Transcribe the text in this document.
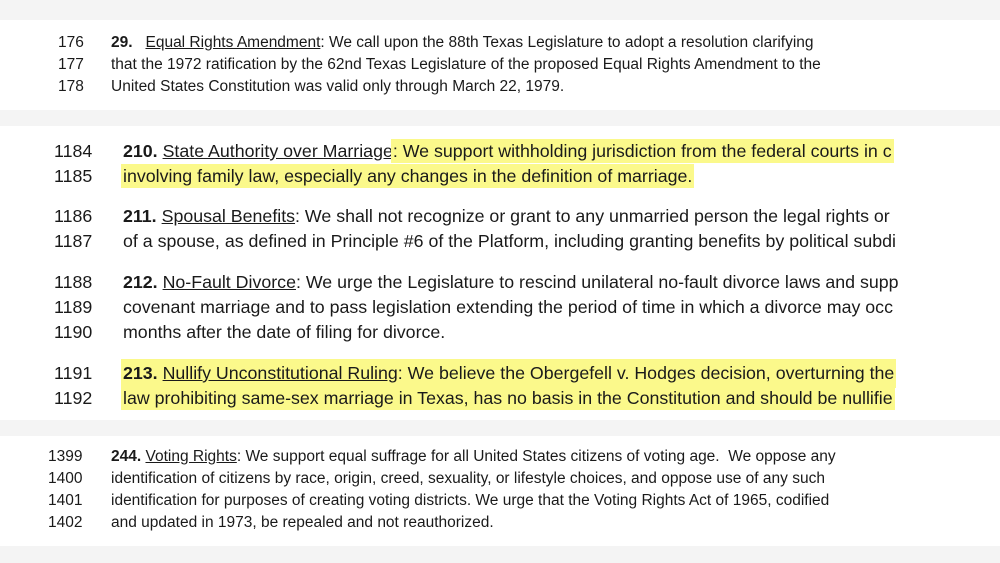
176 29. Equal Rights Amendment: We call upon the 88th Texas Legislature to adopt a resolution clarifying
177 that the 1972 ratification by the 62nd Texas Legislature of the proposed Equal Rights Amendment to the
178 United States Constitution was valid only through March 22, 1979.
1184 210. State Authority over Marriage: We support withholding jurisdiction from the federal courts in c
1185 involving family law, especially any changes in the definition of marriage.
1186 211. Spousal Benefits: We shall not recognize or grant to any unmarried person the legal rights or
1187 of a spouse, as defined in Principle #6 of the Platform, including granting benefits by political subdi
1188 212. No-Fault Divorce: We urge the Legislature to rescind unilateral no-fault divorce laws and supp
1189 covenant marriage and to pass legislation extending the period of time in which a divorce may occ
1190 months after the date of filing for divorce.
1191 213. Nullify Unconstitutional Ruling: We believe the Obergefell v. Hodges decision, overturning the
1192 law prohibiting same-sex marriage in Texas, has no basis in the Constitution and should be nullifie
1399 244. Voting Rights: We support equal suffrage for all United States citizens of voting age.  We oppose any
1400 identification of citizens by race, origin, creed, sexuality, or lifestyle choices, and oppose use of any such
1401 identification for purposes of creating voting districts. We urge that the Voting Rights Act of 1965, codified
1402 and updated in 1973, be repealed and not reauthorized.
